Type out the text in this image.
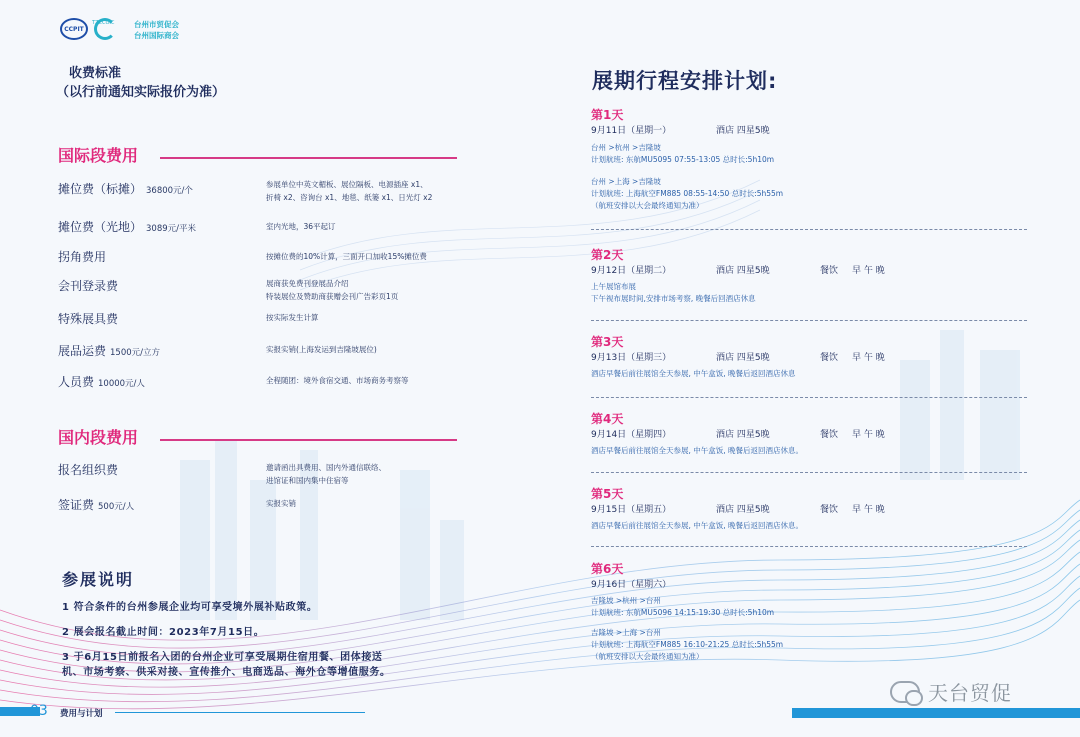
CCPIT
TZCCOIC	台州市贸促会
台州国际商会
收费标准
（以行前通知实际报价为准）
国际段费用
摊位费（标摊） 36800元/个
参展单位中英文楣板、展位隔板、电源插座 x1、
折椅 x2、咨询台 x1、地毯、纸篓 x1、日光灯 x2
摊位费（光地） 3089元/平米	室内光地，36平起订
拐角费用	按摊位费的10%计算，三面开口加收15%摊位费
会刊登录费	展商获免费刊登展品介绍
特装展位及赞助商获赠会刊广告彩页1页
特殊展具费	按实际发生计算
展品运费 1500元/立方	实报实销(上海发运到吉隆坡展位)
人员费 10000元/人	全程随团：境外食宿交通、市场商务考察等
国内段费用
报名组织费	邀请函出具费用、国内外通信联络、
进馆证和国内集中住宿等
签证费 500元/人	实报实销
参展说明
1 符合条件的台州参展企业均可享受境外展补贴政策。
2 展会报名截止时间：2023年7月15日。
3 于6月15日前报名入团的台州企业可享受展期住宿用餐、团体接送
机、市场考察、供采对接、宣传推介、电商选品、海外仓等增值服务。
03 费用与计划
展期行程安排计划:
第1天
9月11日（星期一）	酒店 四星5晚
台州 >杭州 >吉隆坡
计划航班: 东航MU5095 07:55-13:05 总时长:5h10m
台州 >上海 >吉隆坡
计划航班: 上海航空FM885 08:55-14:50 总时长:5h55m
（航班安排以大会最终通知为准）
第2天
9月12日（星期二）	酒店 四星5晚	餐饮 早 午 晚
上午展馆布展
下午视布展时间,安排市场考察, 晚餐后回酒店休息
第3天
9月13日（星期三）	酒店 四星5晚	餐饮 早 午 晚
酒店早餐后前往展馆全天参展, 中午盒饭, 晚餐后返回酒店休息
第4天
9月14日（星期四）	酒店 四星5晚	餐饮 早 午 晚
酒店早餐后前往展馆全天参展, 中午盒饭, 晚餐后返回酒店休息。
第5天
9月15日（星期五）	酒店 四星5晚	餐饮 早 午 晚
酒店早餐后前往展馆全天参展, 中午盒饭, 晚餐后返回酒店休息。
第6天
9月16日（星期六）
吉隆坡 >杭州 >台州
计划航班: 东航MU5096 14:15-19:30 总时长:5h10m
吉隆坡 >上海 >台州
计划航班: 上海航空FM885 16:10-21:25 总时长:5h55m
（航班安排以大会最终通知为准）
天台贸促
